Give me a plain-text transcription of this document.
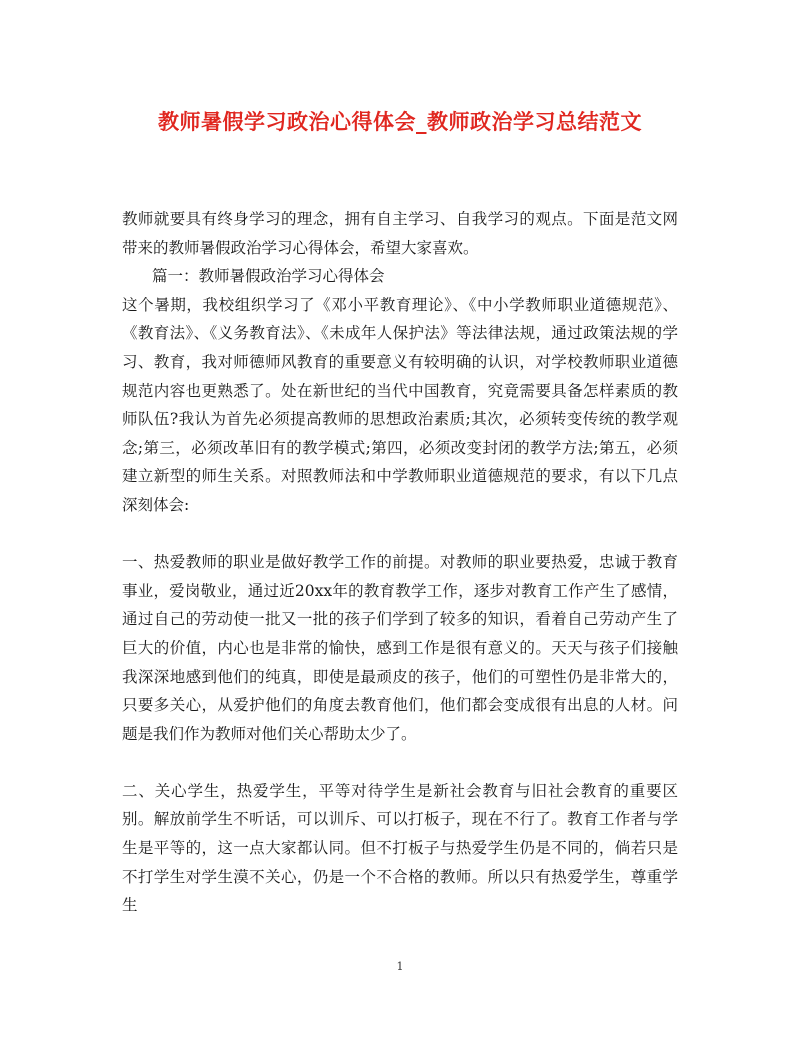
教师暑假学习政治心得体会_教师政治学习总结范文

教师就要具有终身学习的理念，拥有自主学习、自我学习的观点。下面是范文网带来的教师暑假政治学习心得体会，希望大家喜欢。

篇一：教师暑假政治学习心得体会

这个暑期，我校组织学习了《邓小平教育理论》、《中小学教师职业道德规范》、《教育法》、《义务教育法》、《未成年人保护法》等法律法规，通过政策法规的学习、教育，我对师德师风教育的重要意义有较明确的认识，对学校教师职业道德规范内容也更熟悉了。处在新世纪的当代中国教育，究竟需要具备怎样素质的教师队伍?我认为首先必须提高教师的思想政治素质;其次，必须转变传统的教学观念;第三，必须改革旧有的教学模式;第四，必须改变封闭的教学方法;第五，必须建立新型的师生关系。对照教师法和中学教师职业道德规范的要求，有以下几点深刻体会:

一、热爱教师的职业是做好教学工作的前提。对教师的职业要热爱，忠诚于教育事业，爱岗敬业，通过近20xx年的教育教学工作，逐步对教育工作产生了感情，通过自己的劳动使一批又一批的孩子们学到了较多的知识，看着自己劳动产生了巨大的价值，内心也是非常的愉快，感到工作是很有意义的。天天与孩子们接触我深深地感到他们的纯真，即使是最顽皮的孩子，他们的可塑性仍是非常大的，只要多关心，从爱护他们的角度去教育他们，他们都会变成很有出息的人材。问题是我们作为教师对他们关心帮助太少了。

二、关心学生，热爱学生，平等对待学生是新社会教育与旧社会教育的重要区别。解放前学生不听话，可以训斥、可以打板子，现在不行了。教育工作者与学生是平等的，这一点大家都认同。但不打板子与热爱学生仍是不同的，倘若只是不打学生对学生漠不关心，仍是一个不合格的教师。所以只有热爱学生，尊重学生

1
